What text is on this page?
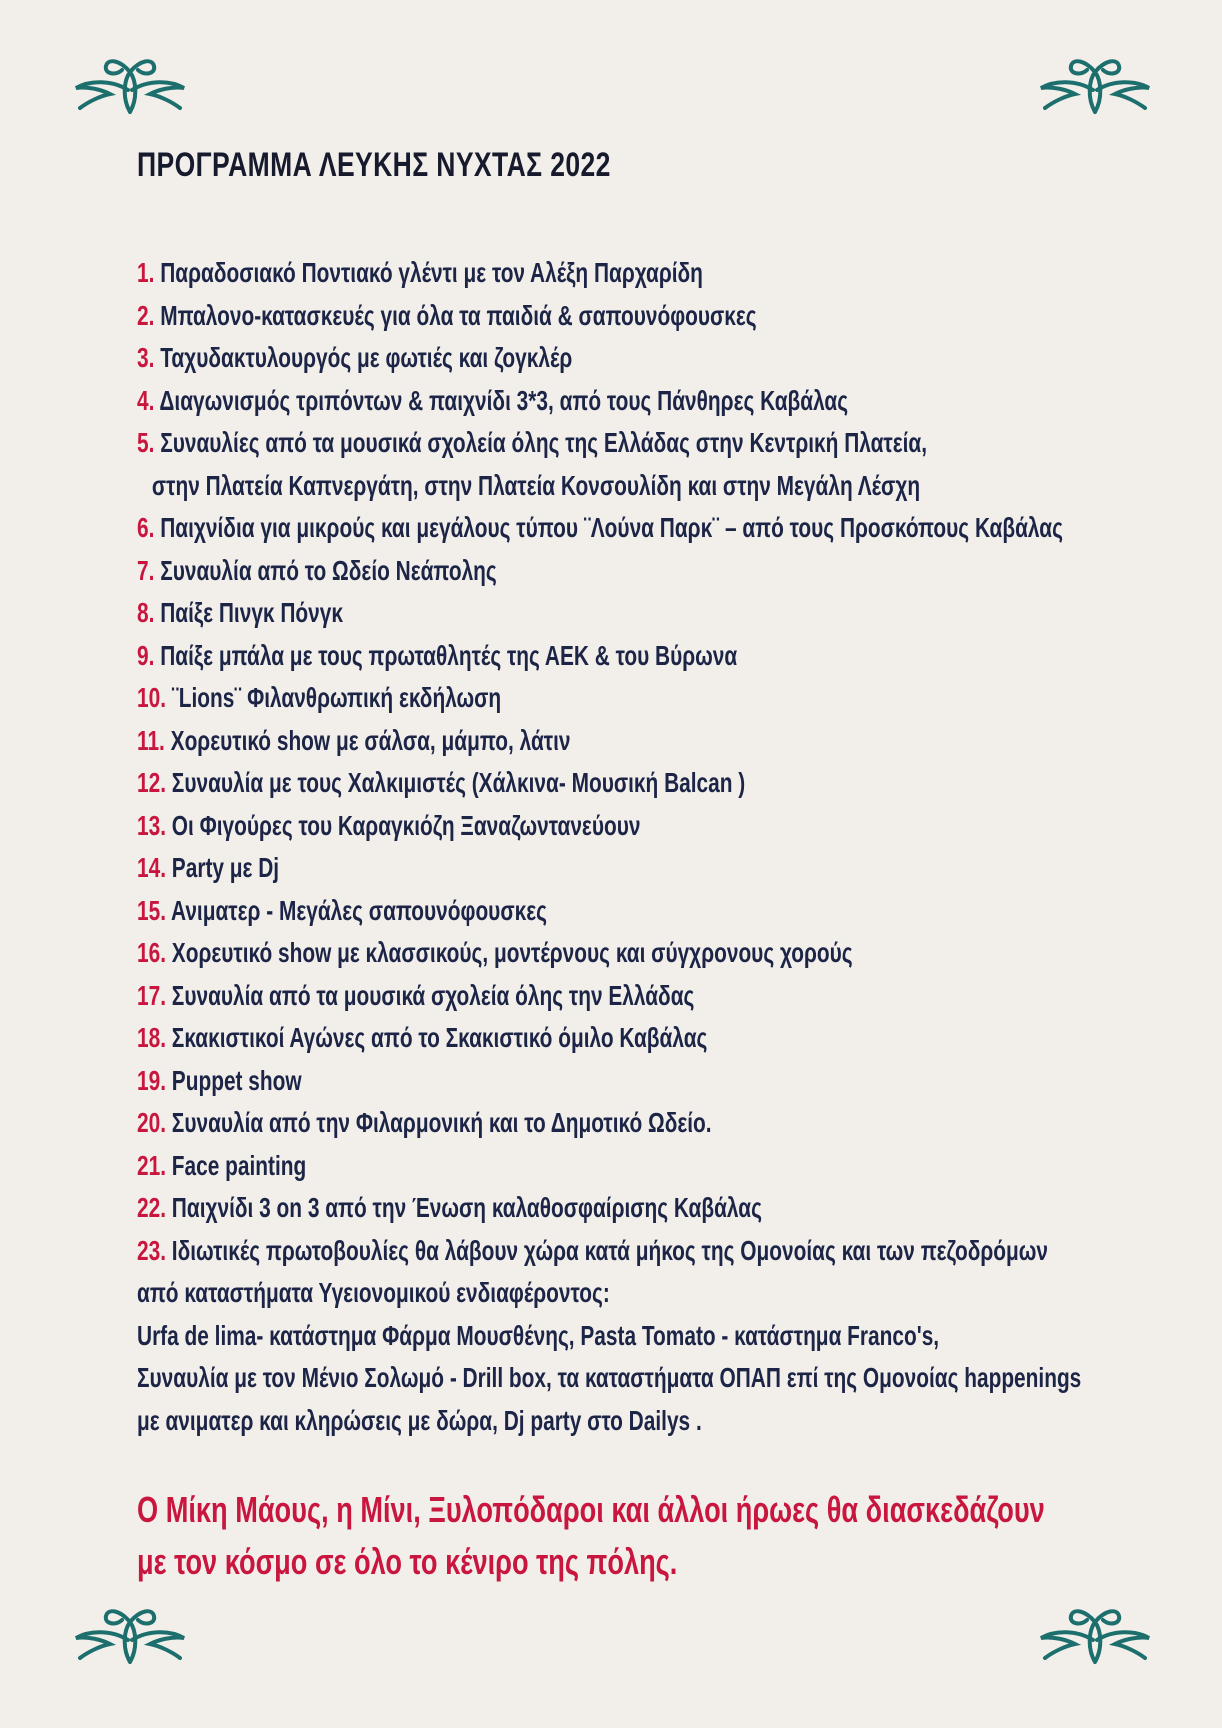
ΠΡΟΓΡΑΜΜΑ ΛΕΥΚΗΣ ΝΥΧΤΑΣ 2022
1. Παραδοσιακό Ποντιακό γλέντι με τον Αλέξη Παρχαρίδη
2. Μπαλονο-κατασκευές για όλα τα παιδιά & σαπουνόφουσκες
3. Ταχυδακτυλουργός με φωτιές και ζογκλέρ
4. Διαγωνισμός τριπόντων & παιχνίδι 3*3, από τους Πάνθηρες Καβάλας
5. Συναυλίες από τα μουσικά σχολεία όλης της Ελλάδας στην Κεντρική Πλατεία,
στην Πλατεία Καπνεργάτη, στην Πλατεία Κονσουλίδη και στην Μεγάλη Λέσχη
6. Παιχνίδια για μικρούς και μεγάλους τύπου ¨Λούνα Παρκ¨ – από τους Προσκόπους Καβάλας
7. Συναυλία από το Ωδείο Νεάπολης
8. Παίξε Πινγκ Πόνγκ
9. Παίξε μπάλα με τους πρωταθλητές της ΑΕΚ & του Βύρωνα
10. ¨Lions¨ Φιλανθρωπική εκδήλωση
11. Χορευτικό show με σάλσα, μάμπο, λάτιν
12. Συναυλία με τους Χαλκιμιστές (Χάλκινα- Μουσική Balcan )
13. Οι Φιγούρες του Καραγκιόζη Ξαναζωντανεύουν
14. Party με Dj
15. Ανιματερ - Μεγάλες σαπουνόφουσκες
16. Χορευτικό show με κλασσικούς, μοντέρνους και σύγχρονους χορούς
17. Συναυλία από τα μουσικά σχολεία όλης την Ελλάδας
18. Σκακιστικοί Αγώνες από το Σκακιστικό όμιλο Καβάλας
19. Puppet show
20. Συναυλία από την Φιλαρμονική και το Δημοτικό Ωδείο.
21. Face painting
22. Παιχνίδι 3 on 3 από την Ένωση καλαθοσφαίρισης Καβάλας
23. Ιδιωτικές πρωτοβουλίες θα λάβουν χώρα κατά μήκος της Ομονοίας και των πεζοδρόμων
από καταστήματα Υγειονομικού ενδιαφέροντος:
Urfa de lima- κατάστημα Φάρμα Μουσθένης, Pasta Tomato - κατάστημα Franco's,
Συναυλία με τον Μένιο Σολωμό - Drill box, τα καταστήματα ΟΠΑΠ επί της Ομονοίας happenings
με ανιματερ και κληρώσεις με δώρα, Dj party στο Dailys .
Ο Μίκη Μάους, η Μίνι, Ξυλοπόδαροι και άλλοι ήρωες θα διασκεδάζουν
με τον κόσμο σε όλο το κένιρο της πόλης.
